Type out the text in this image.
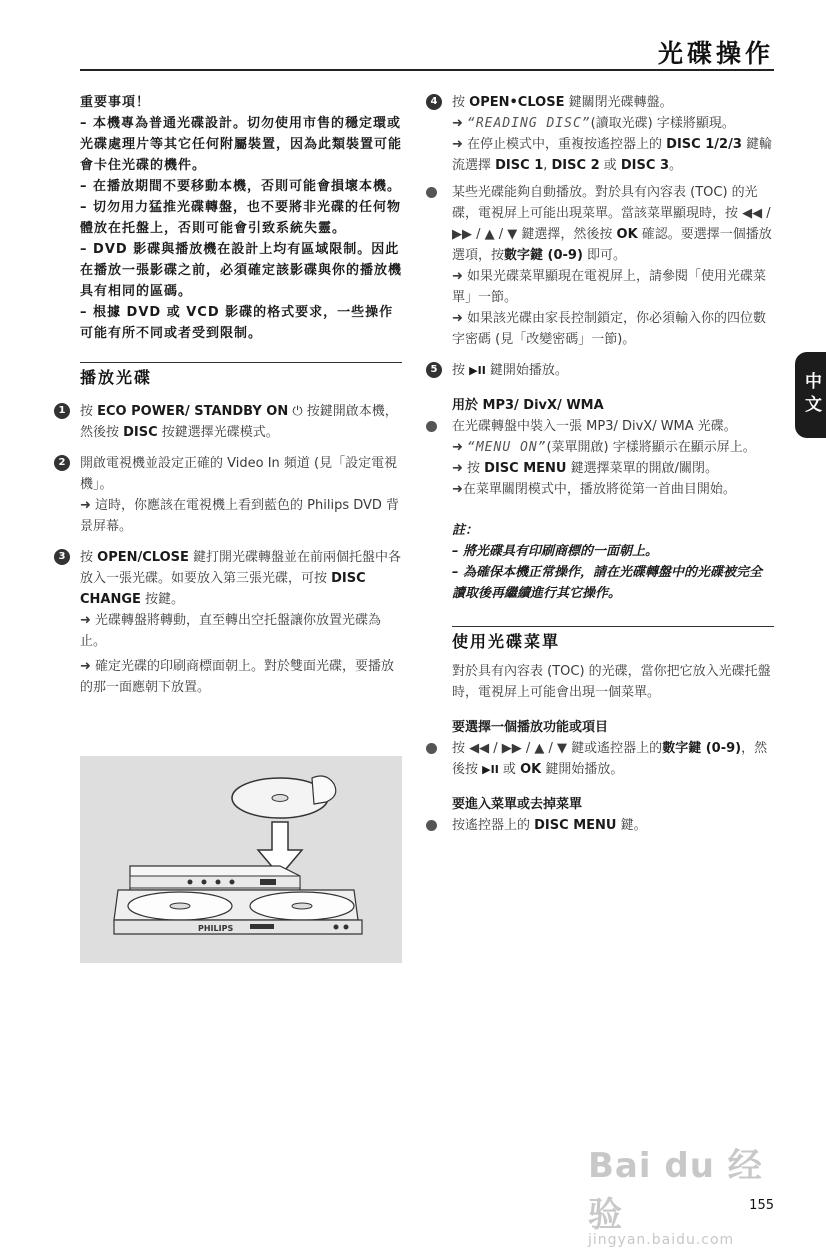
光碟操作
中文

重要事項！

– 本機專為普通光碟設計。切勿使用市售的穩定環或光碟處理片等其它任何附屬裝置，因為此類裝置可能會卡住光碟的機件。

– 在播放期間不要移動本機，否則可能會損壞本機。

– 切勿用力猛推光碟轉盤，也不要將非光碟的任何物體放在托盤上，否則可能會引致系統失靈。

– DVD 影碟與播放機在設計上均有區域限制。因此在播放一張影碟之前，必須確定該影碟與你的播放機具有相同的區碼。

– 根據 DVD 或 VCD 影碟的格式要求，一些操作可能有所不同或者受到限制。

播放光碟
1	按 ECO POWER/ STANDBY ON ⏻ 按鍵開啟本機，然後按 DISC 按鍵選擇光碟模式。

2	開啟電視機並設定正確的 Video In 頻道 (見「設定電視機」。

➜ 這時，你應該在電視機上看到藍色的 Philips DVD 背景屏幕。

3	按 OPEN/CLOSE 鍵打開光碟轉盤並在前兩個托盤中各放入一張光碟。如要放入第三張光碟，可按 DISC CHANGE 按鍵。

➜ 光碟轉盤將轉動，直至轉出空托盤讓你放置光碟為止。

➜ 確定光碟的印刷商標面朝上。對於雙面光碟，要播放的那一面應朝下放置。

PHILIPS
4	按 OPEN•CLOSE 鍵關閉光碟轉盤。

➜ “READING DISC”(讀取光碟) 字樣將顯現。

➜ 在停止模式中，重複按遙控器上的 DISC 1/2/3 鍵輪流選擇 DISC 1, DISC 2 或 DISC 3。

某些光碟能夠自動播放。對於具有內容表 (TOC) 的光碟，電視屏上可能出現菜單。當該菜單顯現時，按 ◀◀ / ▶▶ / ▲ / ▼ 鍵選擇，然後按 OK 確認。要選擇一個播放選項，按數字鍵 (0-9) 即可。

➜ 如果光碟菜單顯現在電視屏上，請參閱「使用光碟菜單」一節。

➜ 如果該光碟由家長控制鎖定，你必須輸入你的四位數字密碼 (見「改變密碼」一節)。

5	按 ▶II 鍵開始播放。

用於 MP3/ DivX/ WMA

在光碟轉盤中裝入一張 MP3/ DivX/ WMA 光碟。

➜ “MENU ON”(菜單開啟) 字樣將顯示在顯示屏上。

➜ 按 DISC MENU 鍵選擇菜單的開啟/關閉。

➜在菜單關閉模式中，播放將從第一首曲目開始。

註：

– 將光碟具有印刷商標的一面朝上。

– 為確保本機正常操作，請在光碟轉盤中的光碟被完全讀取後再繼續進行其它操作。

使用光碟菜單

對於具有內容表 (TOC) 的光碟，當你把它放入光碟托盤時，電視屏上可能會出現一個菜單。

要選擇一個播放功能或項目

按 ◀◀ / ▶▶ / ▲ / ▼ 鍵或遙控器上的數字鍵 (0-9)，然後按 ▶II 或 OK 鍵開始播放。

要進入菜單或去掉菜單

按遙控器上的 DISC MENU 鍵。

Bai du 经验
jingyan.baidu.com
155
